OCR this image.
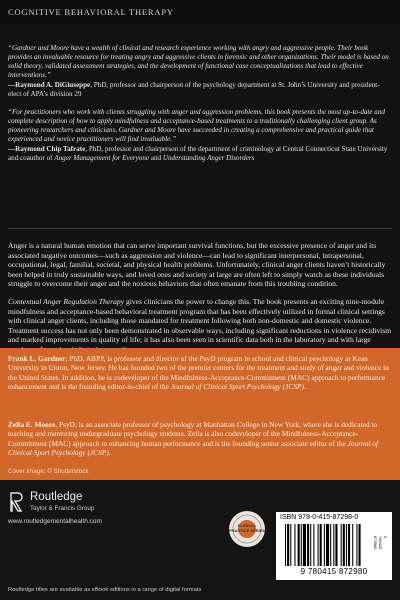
COGNITIVE BEHAVIORAL THERAPY
“Gardner and Moore have a wealth of clinical and research experience working with angry and aggressive people. Their book provides an invaluable resource for treating angry and aggressive clients in forensic and other organizations. Their model is based on solid theory, validated assessment strategies, and the development of functional case conceptualizations that lead to effective interventions.”
—Raymond A. DiGiuseppe, PhD, professor and chairperson of the psychology department at St. John’s University and president-elect of APA’s division 29
“For practitioners who work with clients struggling with anger and aggression problems, this book presents the most up-to-date and complete description of how to apply mindfulness and acceptance-based treatments to a traditionally challenging client group. As pioneering researchers and clinicians, Gardner and Moore have succeeded in creating a comprehensive and practical guide that experienced and novice practitioners will find invaluable.”
—Raymond Chip Tafrate, PhD, professor and chairperson of the department of criminology at Central Connecticut State University and coauthor of Anger Management for Everyone and Understanding Anger Disorders

Anger is a natural human emotion that can serve important survival functions, but the excessive presence of anger and its associated negative outcomes—such as aggression and violence—can lead to significant interpersonal, intrapersonal, occupational, legal, familial, societal, and physical health problems. Unfortunately, clinical anger clients haven’t historically been helped in truly sustainable ways, and loved ones and society at large are often left to simply watch as these individuals struggle to overcome their anger and the noxious behaviors that often emanate from this troubling condition.

Contextual Anger Regulation Therapy gives clinicians the power to change this. The book presents an exciting nine-module mindfulness and acceptance-based behavioral treatment program that has been effectively utilized in formal clinical settings with clinical anger clients, including those mandated for treatment following both non-domestic and domestic violence. Treatment success has not only been demonstrated in observable ways, including significant reductions in violence recidivism and marked improvements in quality of life; it has also been seen in scientific data both in the laboratory and with large

Frank L. Gardner, PhD, ABPP, is professor and director of the PsyD program in school and clinical psychology at Kean University in Union, New Jersey. He has founded two of the premier centers for the treatment and study of anger and violence in the United States. In addition, he is codeveloper of the Mindfulness-Acceptance-Commitment (MAC) approach to performance enhancement and is the founding editor-in-chief of the Journal of Clinical Sport Psychology (JCSP).
Zella E. Moore, PsyD, is an associate professor of psychology at Manhattan College in New York, where she is dedicated to teaching and mentoring undergraduate psychology students. Zella is also codeveloper of the Mindfulness-Acceptance-Commitment (MAC) approach to enhancing human performance and is the founding senior associate editor of the Journal of Clinical Sport Psychology (JCSP).
Cover image: © Shutterstock
Routledge
Taylor & Francis Group
www.routledgementalhealth.com
CLINICAL PRACTICE SERIES
ISBN 978-0-415-87298-0
9 780415 872980
9 780415 872980
Routledge titles are available as eBook editions in a range of digital formats
